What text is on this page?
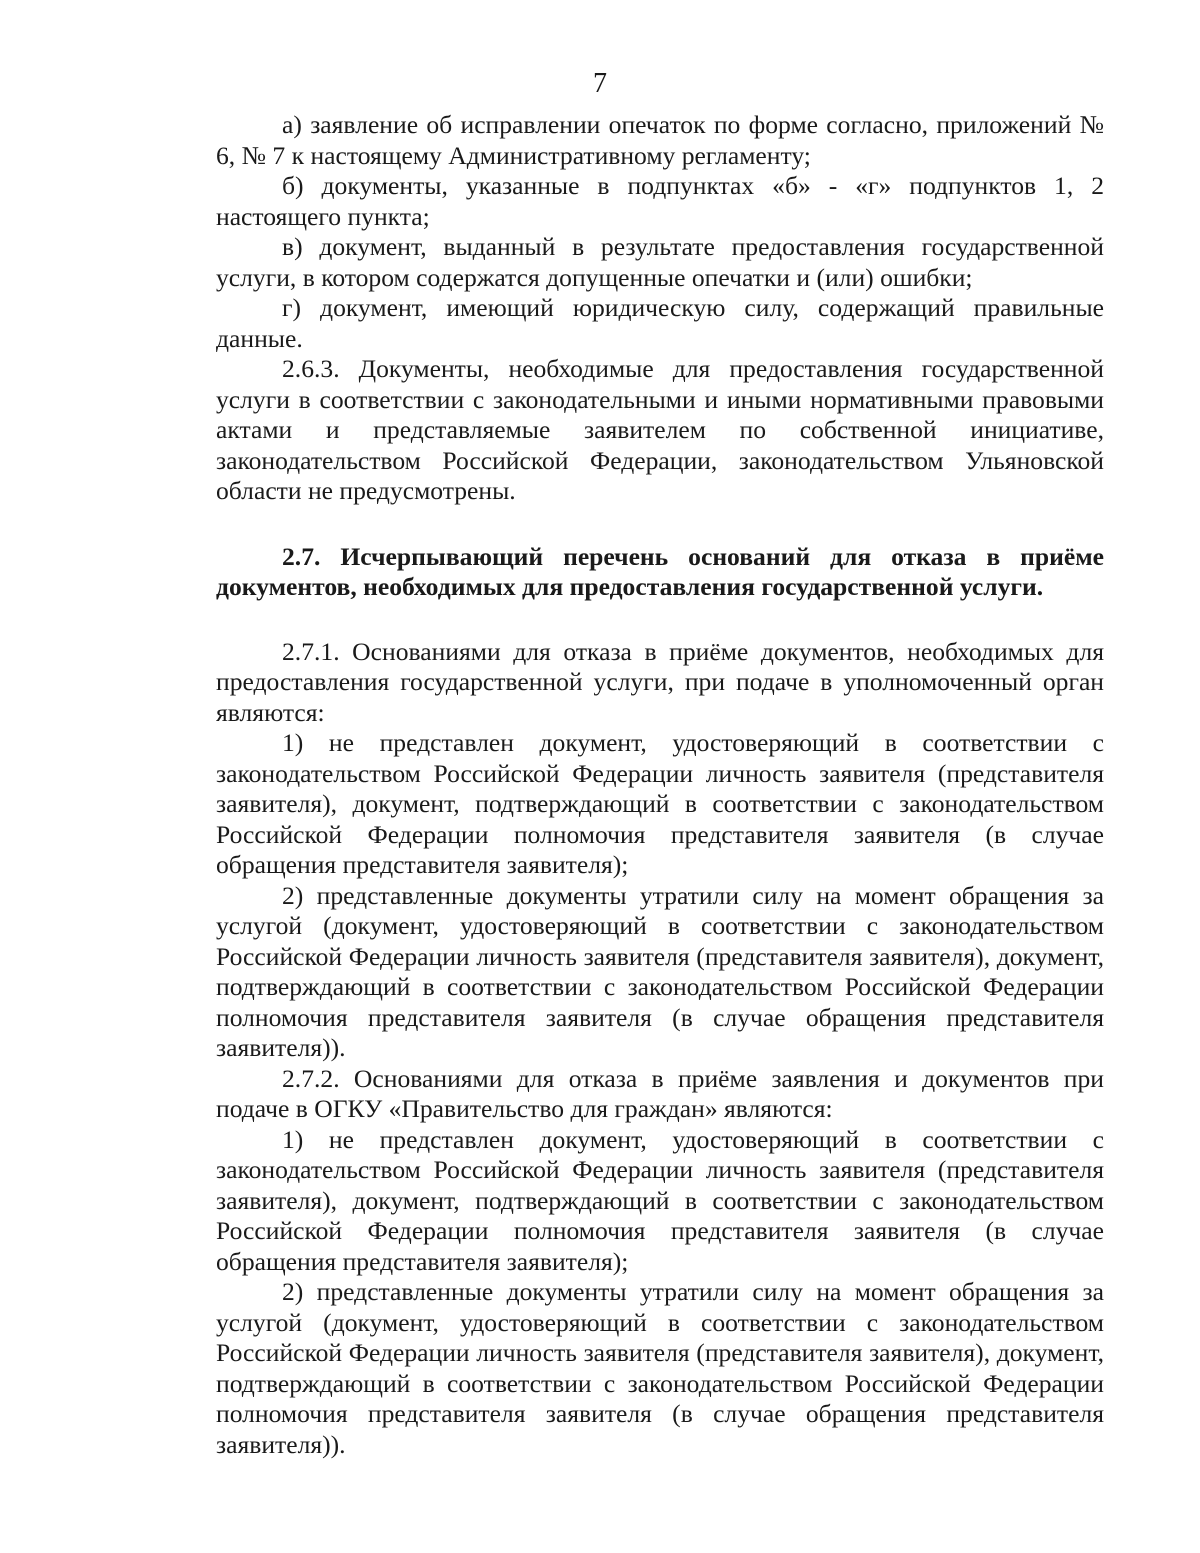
7

а) заявление об исправлении опечаток по форме согласно, приложений № 6, № 7 к настоящему Административному регламенту;

б) документы, указанные в подпунктах «б» - «г» подпунктов 1, 2 настоящего пункта;

в) документ, выданный в результате предоставления государственной услуги, в котором содержатся допущенные опечатки и (или) ошибки;

г) документ, имеющий юридическую силу, содержащий правильные данные.

2.6.3. Документы, необходимые для предоставления государственной услуги в соответствии с законодательными и иными нормативными правовыми актами и представляемые заявителем по собственной инициативе, законодательством Российской Федерации, законодательством Ульяновской области не предусмотрены.

2.7. Исчерпывающий перечень оснований для отказа в приёме документов, необходимых для предоставления государственной услуги.

2.7.1. Основаниями для отказа в приёме документов, необходимых для предоставления государственной услуги, при подаче в уполномоченный орган являются:

1) не представлен документ, удостоверяющий в соответствии с законодательством Российской Федерации личность заявителя (представителя заявителя), документ, подтверждающий в соответствии с законодательством Российской Федерации полномочия представителя заявителя (в случае обращения представителя заявителя);

2) представленные документы утратили силу на момент обращения за услугой (документ, удостоверяющий в соответствии с законодательством Российской Федерации личность заявителя (представителя заявителя), документ, подтверждающий в соответствии с законодательством Российской Федерации полномочия представителя заявителя (в случае обращения представителя заявителя)).

2.7.2. Основаниями для отказа в приёме заявления и документов при подаче в ОГКУ «Правительство для граждан» являются:

1) не представлен документ, удостоверяющий в соответствии с законодательством Российской Федерации личность заявителя (представителя заявителя), документ, подтверждающий в соответствии с законодательством Российской Федерации полномочия представителя заявителя (в случае обращения представителя заявителя);

2) представленные документы утратили силу на момент обращения за услугой (документ, удостоверяющий в соответствии с законодательством Российской Федерации личность заявителя (представителя заявителя), документ, подтверждающий в соответствии с законодательством Российской Федерации полномочия представителя заявителя (в случае обращения представителя заявителя)).
